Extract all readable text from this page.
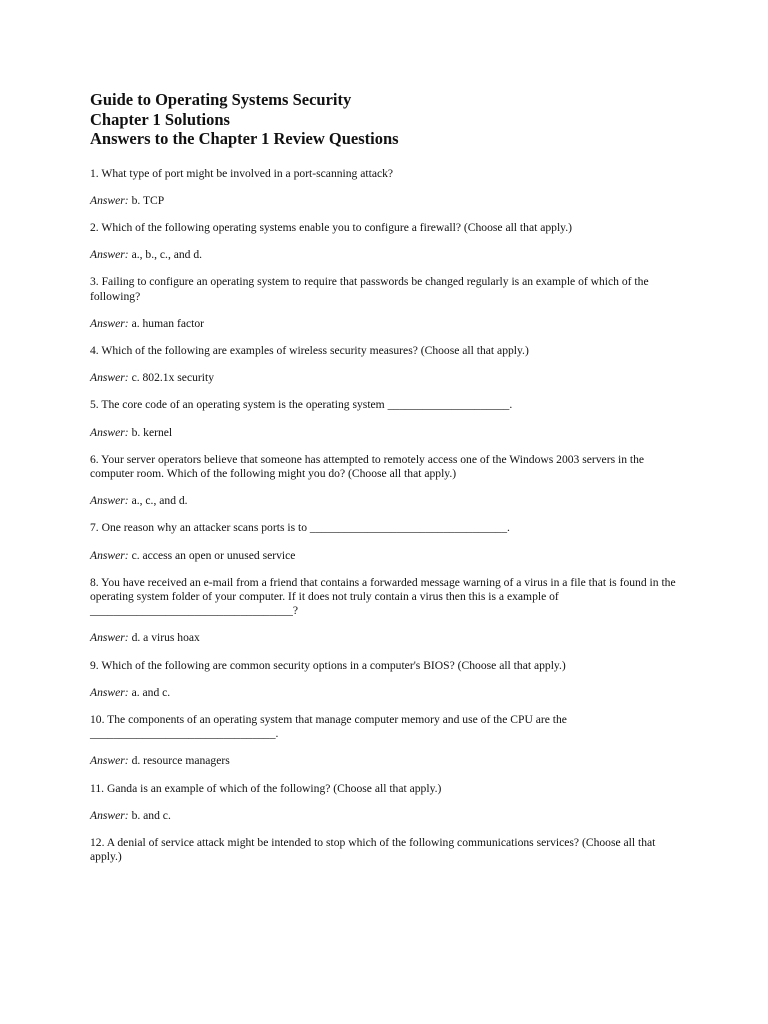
Guide to Operating Systems Security

Chapter 1 Solutions

Answers to the Chapter 1 Review Questions

1. What type of port might be involved in a port-scanning attack?

Answer: b. TCP

2. Which of the following operating systems enable you to configure a firewall? (Choose all that apply.)

Answer: a., b., c., and d.

3. Failing to configure an operating system to require that passwords be changed regularly is an example of which of the following?

Answer: a. human factor

4. Which of the following are examples of wireless security measures? (Choose all that apply.)

Answer: c. 802.1x security

5. The core code of an operating system is the operating system _____________________.

Answer: b. kernel

6. Your server operators believe that someone has attempted to remotely access one of the Windows 2003 servers in the computer room. Which of the following might you do? (Choose all that apply.)

Answer: a., c., and d.

7. One reason why an attacker scans ports is to __________________________________.

Answer: c. access an open or unused service

8. You have received an e-mail from a friend that contains a forwarded message warning of a virus in a file that is found in the operating system folder of your computer. If it does not truly contain a virus then this is a example of ___________________________________?

Answer: d. a virus hoax

9. Which of the following are common security options in a computer's BIOS? (Choose all that apply.)

Answer: a. and c.

10. The components of an operating system that manage computer memory and use of the CPU are the ________________________________.

Answer: d. resource managers

11. Ganda is an example of which of the following? (Choose all that apply.)

Answer: b. and c.

12. A denial of service attack might be intended to stop which of the following communications services? (Choose all that apply.)
